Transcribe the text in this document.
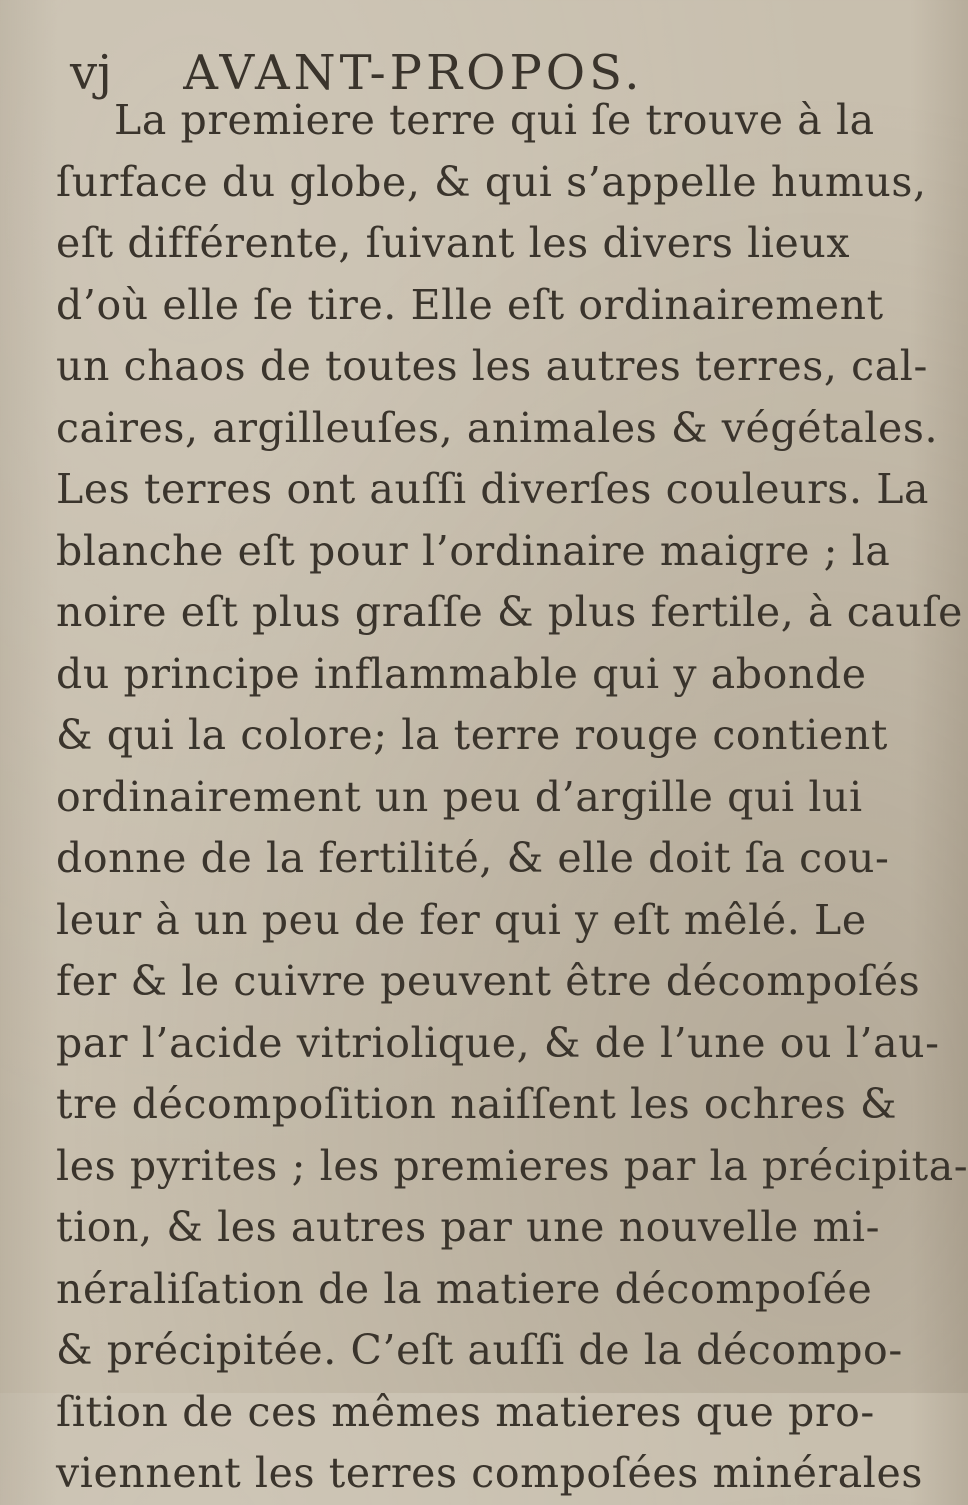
vj AVANT-PROPOS.
La premiere terre qui ſe trouve à la
ſurface du globe, & qui s’appelle humus,
eſt différente, ſuivant les divers lieux
d’où elle ſe tire. Elle eſt ordinairement
un chaos de toutes les autres terres, cal-
caires, argilleuſes, animales & végétales.
Les terres ont auſſi diverſes couleurs. La
blanche eſt pour l’ordinaire maigre ; la
noire eſt plus graſſe & plus fertile, à cauſe
du principe inflammable qui y abonde
& qui la colore; la terre rouge contient
ordinairement un peu d’argille qui lui
donne de la fertilité, & elle doit ſa cou-
leur à un peu de fer qui y eſt mêlé. Le
fer & le cuivre peuvent être décompoſés
par l’acide vitriolique, & de l’une ou l’au-
tre décompoſition naiſſent les ochres &
les pyrites ; les premieres par la précipita-
tion, & les autres par une nouvelle mi-
néraliſation de la matiere décompoſée
& précipitée. C’eſt auſſi de la décompo-
ſition de ces mêmes matieres que pro-
viennent les terres compoſées minérales
